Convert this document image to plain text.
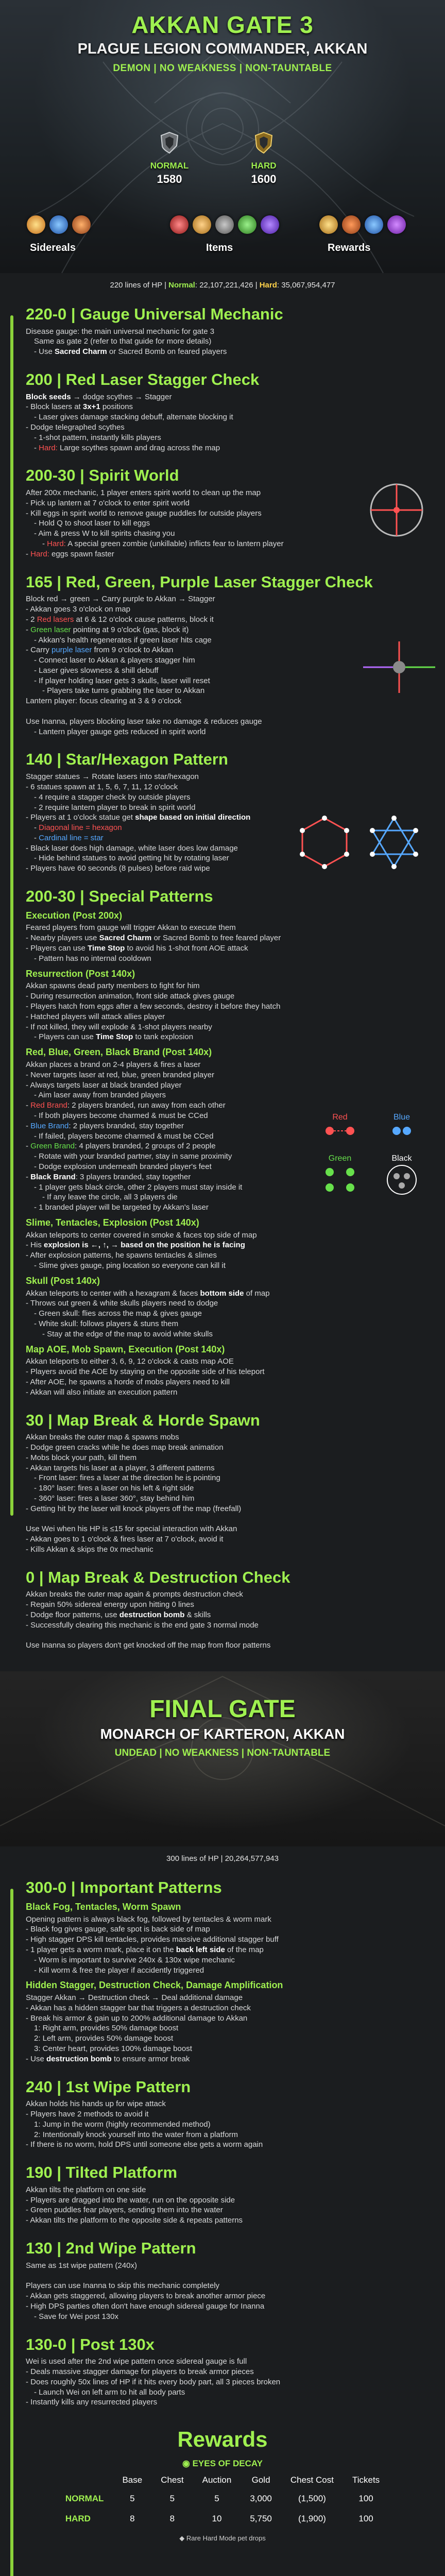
AKKAN GATE 3
PLAGUE LEGION COMMANDER, AKKAN
DEMON | NO WEAKNESS | NON-TAUNTABLE
NORMAL
1580
HARD
1600
Sidereals	Items	Rewards
220 lines of HP | Normal: 22,107,221,426 | Hard: 35,067,954,477
220-0 | Gauge Universal Mechanic

Disease gauge: the main universal mechanic for gate 3

Same as gate 2 (refer to that guide for more details)

- Use Sacred Charm or Sacred Bomb on feared players

200 | Red Laser Stagger Check

Block seeds → dodge scythes → Stagger

- Block lasers at 3x+1 positions

- Laser gives damage stacking debuff, alternate blocking it

- Dodge telegraphed scythes

- 1-shot pattern, instantly kills players

- Hard: Large scythes spawn and drag across the map

200-30 | Spirit World

After 200x mechanic, 1 player enters spirit world to clean up the map

- Pick up lantern at 7 o'clock to enter spirit world

- Kill eggs in spirit world to remove gauge puddles for outside players

- Hold Q to shoot laser to kill eggs

- Aim & press W to kill spirits chasing you

- Hard: A special green zombie (unkillable) inflicts fear to lantern player

- Hard: eggs spawn faster

165 | Red, Green, Purple Laser Stagger Check

Block red → green → Carry purple to Akkan → Stagger

- Akkan goes 3 o'clock on map

- 2 Red lasers at 6 & 12 o'clock cause patterns, block it

- Green laser pointing at 9 o'clock (gas, block it)

- Akkan's health regenerates if green laser hits cage

- Carry purple laser from 9 o'clock to Akkan

- Connect laser to Akkan & players stagger him

- Laser gives slowness & shill debuff

- If player holding laser gets 3 skulls, laser will reset

- Players take turns grabbing the laser to Akkan

Lantern player: focus clearing at 3 & 9 o'clock

Use Inanna, players blocking laser take no damage & reduces gauge

- Lantern player gauge gets reduced in spirit world

140 | Star/Hexagon Pattern

Stagger statues → Rotate lasers into star/hexagon

- 6 statues spawn at 1, 5, 6, 7, 11, 12 o'clock

- 4 require a stagger check by outside players

- 2 require lantern player to break in spirit world

- Players at 1 o'clock statue get shape based on initial direction

- Diagonal line = hexagon

- Cardinal line = star

- Black laser does high damage, white laser does low damage

- Hide behind statues to avoid getting hit by rotating laser

- Players have 60 seconds (8 pulses) before raid wipe

200-30 | Special Patterns
Execution (Post 200x)

Feared players from gauge will trigger Akkan to execute them

- Nearby players use Sacred Charm or Sacred Bomb to free feared player

- Players can use Time Stop to avoid his 1-shot front AOE attack

- Pattern has no internal cooldown

Resurrection (Post 140x)

Akkan spawns dead party members to fight for him

- During resurrection animation, front side attack gives gauge

- Players hatch from eggs after a few seconds, destroy it before they hatch

- Hatched players will attack allies player

- If not killed, they will explode & 1-shot players nearby

- Players can use Time Stop to tank explosion

Red, Blue, Green, Black Brand (Post 140x)

Akkan places a brand on 2-4 players & fires a laser

- Never targets laser at red, blue, green branded player

- Always targets laser at black branded player

- Aim laser away from branded players

- Red Brand: 2 players branded, run away from each other

- If both players become charmed & must be CCed

- Blue Brand: 2 players branded, stay together

- If failed, players become charmed & must be CCed

- Green Brand: 4 players branded, 2 groups of 2 people

- Rotate with your branded partner, stay in same proximity

- Dodge explosion underneath branded player's feet

- Black Brand: 3 players branded, stay together

- 1 player gets black circle, other 2 players must stay inside it

- If any leave the circle, all 3 players die

- 1 branded player will be targeted by Akkan's laser

Slime, Tentacles, Explosion (Post 140x)

Akkan teleports to center covered in smoke & faces top side of map

- His explosion is ←, ↑, → based on the position he is facing

- After explosion patterns, he spawns tentacles & slimes

- Slime gives gauge, ping location so everyone can kill it

Skull (Post 140x)

Akkan teleports to center with a hexagram & faces bottom side of map

- Throws out green & white skulls players need to dodge

- Green skull: flies across the map & gives gauge

- White skull: follows players & stuns them

- Stay at the edge of the map to avoid white skulls

Map AOE, Mob Spawn, Execution (Post 140x)

Akkan teleports to either 3, 6, 9, 12 o'clock & casts map AOE

- Players avoid the AOE by staying on the opposite side of his teleport

- After AOE, he spawns a horde of mobs players need to kill

- Akkan will also initiate an execution pattern

30 | Map Break & Horde Spawn

Akkan breaks the outer map & spawns mobs

- Dodge green cracks while he does map break animation

- Mobs block your path, kill them

- Akkan targets his laser at a player, 3 different patterns

- Front laser: fires a laser at the direction he is pointing

- 180° laser: fires a laser on his left & right side

- 360° laser: fires a laser 360°, stay behind him

- Getting hit by the laser will knock players off the map (freefall)

Use Wei when his HP is ≤15 for special interaction with Akkan

- Akkan goes to 1 o'clock & fires laser at 7 o'clock, avoid it

- Kills Akkan & skips the 0x mechanic

0 | Map Break & Destruction Check

Akkan breaks the outer map again & prompts destruction check

- Regain 50% sidereal energy upon hitting 0 lines

- Dodge floor patterns, use destruction bomb & skills

- Successfully clearing this mechanic is the end gate 3 normal mode

Use Inanna so players don't get knocked off the map from floor patterns

Red	Blue
Green	Black
FINAL GATE
MONARCH OF KARTERON, AKKAN
UNDEAD | NO WEAKNESS | NON-TAUNTABLE
300 lines of HP | 20,264,577,943
300-0 | Important Patterns
Black Fog, Tentacles, Worm Spawn

Opening pattern is always black fog, followed by tentacles & worm mark

- Black fog gives gauge, safe spot is back side of map

- High stagger DPS kill tentacles, provides massive additional stagger buff

- 1 player gets a worm mark, place it on the back left side of the map

- Worm is important to survive 240x & 130x wipe mechanic

- Kill worm & free the player if accidently triggered

Hidden Stagger, Destruction Check, Damage Amplification

Stagger Akkan → Destruction check → Deal additional damage

- Akkan has a hidden stagger bar that triggers a destruction check

- Break his armor & gain up to 200% additional damage to Akkan

1: Right arm, provides 50% damage boost

2: Left arm, provides 50% damage boost

3: Center heart, provides 100% damage boost

- Use destruction bomb to ensure armor break

240 | 1st Wipe Pattern

Akkan holds his hands up for wipe attack

- Players have 2 methods to avoid it

1: Jump in the worm (highly recommended method)

2: Intentionally knock yourself into the water from a platform

- If there is no worm, hold DPS until someone else gets a worm again

190 | Tilted Platform

Akkan tilts the platform on one side

- Players are dragged into the water, run on the opposite side

- Green puddles fear players, sending them into the water

- Akkan tilts the platform to the opposite side & repeats patterns

130 | 2nd Wipe Pattern

Same as 1st wipe pattern (240x)

Players can use Inanna to skip this mechanic completely

- Akkan gets staggered, allowing players to break another armor piece

- High DPS parties often don't have enough sidereal gauge for Inanna

- Save for Wei post 130x

130-0 | Post 130x

Wei is used after the 2nd wipe pattern once sidereal gauge is full

- Deals massive stagger damage for players to break armor pieces

- Does roughly 50x lines of HP if it hits every body part, all 3 pieces broken

- Launch Wei on left arm to hit all body parts

- Instantly kills any resurrected players

Rewards
◉ EYES OF DECAY
	Base	Chest	Auction	Gold	Chest Cost	Tickets
NORMAL	5	5	5	3,000	(1,500)	100
HARD	8	8	10	5,750	(1,900)	100
◆ Rare Hard Mode pet drops
